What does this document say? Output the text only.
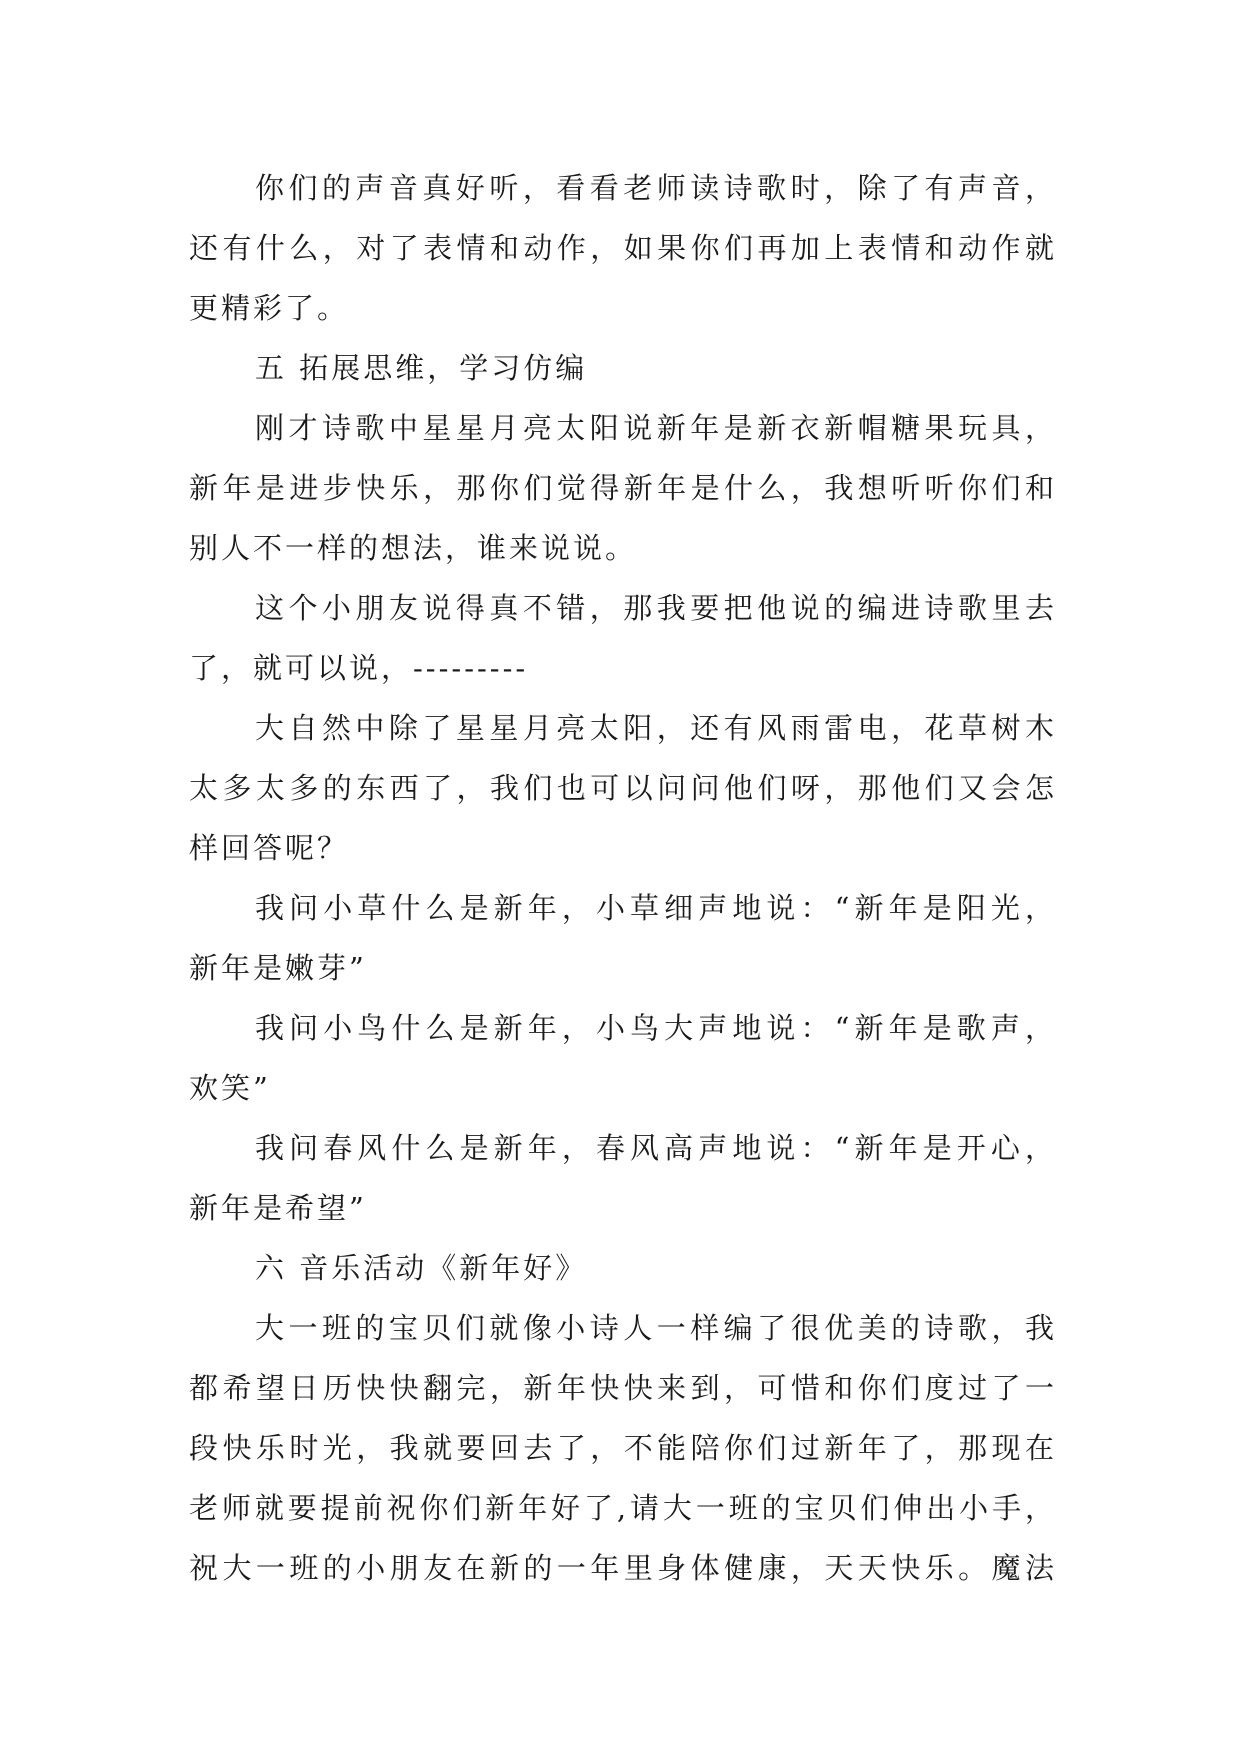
你们的声音真好听，看看老师读诗歌时，除了有声音，
还有什么，对了表情和动作，如果你们再加上表情和动作就
更精彩了。
五 拓展思维，学习仿编
刚才诗歌中星星月亮太阳说新年是新衣新帽糖果玩具，
新年是进步快乐，那你们觉得新年是什么，我想听听你们和
别人不一样的想法，谁来说说。
这个小朋友说得真不错，那我要把他说的编进诗歌里去
了，就可以说，---------
大自然中除了星星月亮太阳，还有风雨雷电，花草树木
太多太多的东西了，我们也可以问问他们呀，那他们又会怎
样回答呢？
我问小草什么是新年，小草细声地说：“新年是阳光，
新年是嫩芽”
我问小鸟什么是新年，小鸟大声地说：“新年是歌声，
欢笑”
我问春风什么是新年，春风高声地说：“新年是开心，
新年是希望”
六 音乐活动《新年好》
大一班的宝贝们就像小诗人一样编了很优美的诗歌，我
都希望日历快快翻完，新年快快来到，可惜和你们度过了一
段快乐时光，我就要回去了，不能陪你们过新年了，那现在
老师就要提前祝你们新年好了,请大一班的宝贝们伸出小手，
祝大一班的小朋友在新的一年里身体健康，天天快乐。魔法
